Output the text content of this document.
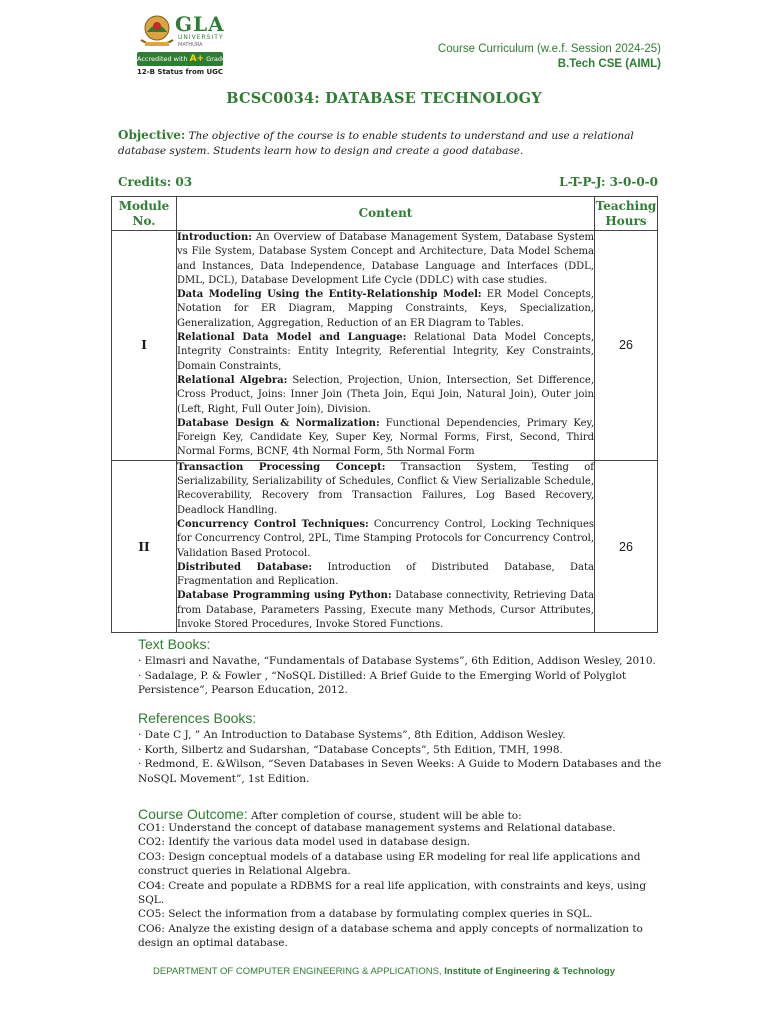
GLA
UNIVERSITY
MATHURA
Accredited with A+ Grade by NAAC
12-B Status from UGC
Course Curriculum (w.e.f. Session 2024-25)
B.Tech CSE (AIML)
BCSC0034: DATABASE TECHNOLOGY
Objective: The objective of the course is to enable students to understand and use a relational database system. Students learn how to design and create a good database.
Credits: 03	L-T-P-J: 3-0-0-0
Module No.	Content	Teaching Hours
I	Introduction: An Overview of Database Management System, Database System vs File System, Database System Concept and Architecture, Data Model Schema and Instances, Data Independence, Database Language and Interfaces (DDL, DML, DCL), Database Development Life Cycle (DDLC) with case studies.
Data Modeling Using the Entity-Relationship Model: ER Model Concepts, Notation for ER Diagram, Mapping Constraints, Keys, Specialization, Generalization, Aggregation, Reduction of an ER Diagram to Tables.
Relational Data Model and Language: Relational Data Model Concepts, Integrity Constraints: Entity Integrity, Referential Integrity, Key Constraints, Domain Constraints,
Relational Algebra: Selection, Projection, Union, Intersection, Set Difference, Cross Product, Joins: Inner Join (Theta Join, Equi Join, Natural Join), Outer join (Left, Right, Full Outer Join), Division.
Database Design & Normalization: Functional Dependencies, Primary Key, Foreign Key, Candidate Key, Super Key, Normal Forms, First, Second, Third Normal Forms, BCNF, 4th Normal Form, 5th Normal Form	26
II	Transaction Processing Concept: Transaction System, Testing of Serializability, Serializability of Schedules, Conflict & View Serializable Schedule, Recoverability, Recovery from Transaction Failures, Log Based Recovery, Deadlock Handling.
Concurrency Control Techniques: Concurrency Control, Locking Techniques for Concurrency Control, 2PL, Time Stamping Protocols for Concurrency Control, Validation Based Protocol.
Distributed Database: Introduction of Distributed Database, Data Fragmentation and Replication.
Database Programming using Python: Database connectivity, Retrieving Data from Database, Parameters Passing, Execute many Methods, Cursor Attributes, Invoke Stored Procedures, Invoke Stored Functions.	26
Text Books:
· Elmasri and Navathe, “Fundamentals of Database Systems”, 6th Edition, Addison Wesley, 2010.
· Sadalage, P. & Fowler , “NoSQL Distilled: A Brief Guide to the Emerging World of Polyglot Persistence”, Pearson Education, 2012.
References Books:
· Date C J, ” An Introduction to Database Systems”, 8th Edition, Addison Wesley.
· Korth, Silbertz and Sudarshan, “Database Concepts”, 5th Edition, TMH, 1998.
· Redmond, E. &Wilson, “Seven Databases in Seven Weeks: A Guide to Modern Databases and the NoSQL Movement”, 1st Edition.
Course Outcome: After completion of course, student will be able to:
CO1: Understand the concept of database management systems and Relational database.
CO2: Identify the various data model used in database design.
CO3: Design conceptual models of a database using ER modeling for real life applications and construct queries in Relational Algebra.
CO4: Create and populate a RDBMS for a real life application, with constraints and keys, using SQL.
CO5: Select the information from a database by formulating complex queries in SQL.
CO6: Analyze the existing design of a database schema and apply concepts of normalization to design an optimal database.
DEPARTMENT OF COMPUTER ENGINEERING & APPLICATIONS, Institute of Engineering & Technology
